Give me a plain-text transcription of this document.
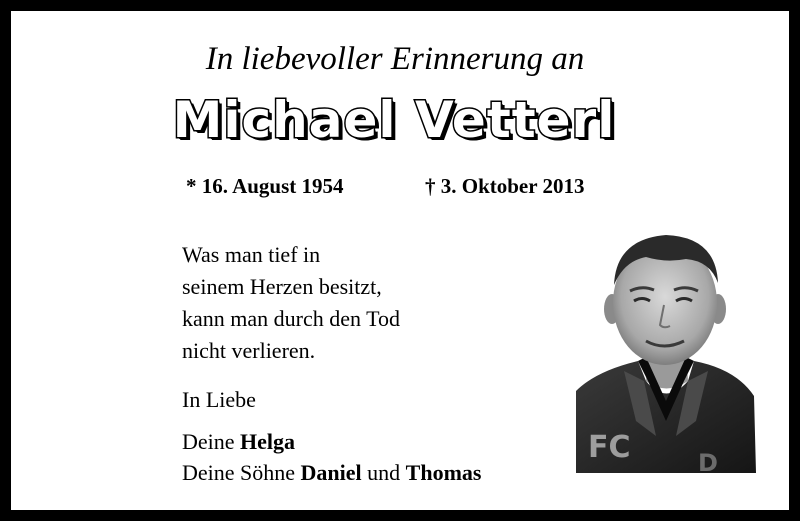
In liebevoller Erinnerung an
Michael Vetterl
* 16. August 1954	† 3. Oktober 2013
Was man tief in
seinem Herzen besitzt,
kann man durch den Tod
nicht verlieren.
In Liebe
Deine Helga
Deine Söhne Daniel und Thomas
FC	D
